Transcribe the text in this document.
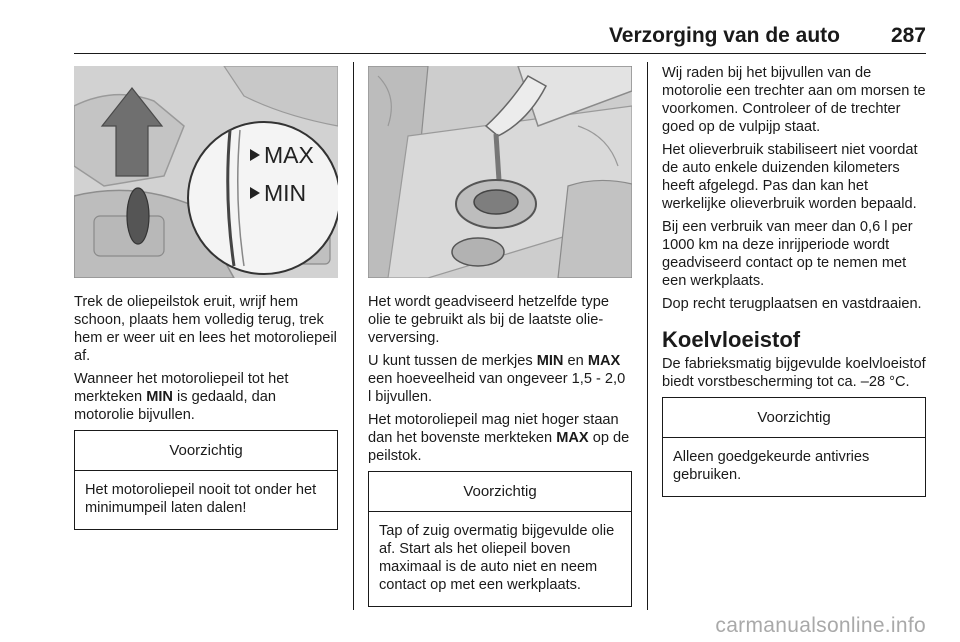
Verzorging van de auto 287
MAX
MIN
Trek de oliepeilstok eruit, wrijf hem schoon, plaats hem volledig terug, trek hem er weer uit en lees het motoroliepeil af.
Wanneer het motoroliepeil tot het merkteken MIN is gedaald, dan motorolie bijvullen.
Voorzichtig
Het motoroliepeil nooit tot onder het minimumpeil laten dalen!
Het wordt geadviseerd hetzelfde type olie te gebruikt als bij de laatste olieverversing.
U kunt tussen de merkjes MIN en MAX een hoeveelheid van ongeveer 1,5 - 2,0 l bijvullen.
Het motoroliepeil mag niet hoger staan dan het bovenste merkteken MAX op de peilstok.
Voorzichtig
Tap of zuig overmatig bijgevulde olie af. Start als het oliepeil boven maximaal is de auto niet en neem contact op met een werkplaats.
Wij raden bij het bijvullen van de motorolie een trechter aan om morsen te voorkomen. Controleer of de trechter goed op de vulpijp staat.
Het olieverbruik stabiliseert niet voordat de auto enkele duizenden kilometers heeft afgelegd. Pas dan kan het werkelijke olieverbruik worden bepaald.
Bij een verbruik van meer dan 0,6 l per 1000 km na deze inrijperiode wordt geadviseerd contact op te nemen met een werkplaats.
Dop recht terugplaatsen en vastdraaien.
Koelvloeistof
De fabrieksmatig bijgevulde koelvloeistof biedt vorstbescherming tot ca. –28 °C.
Voorzichtig
Alleen goedgekeurde antivries gebruiken.
carmanualsonline.info
